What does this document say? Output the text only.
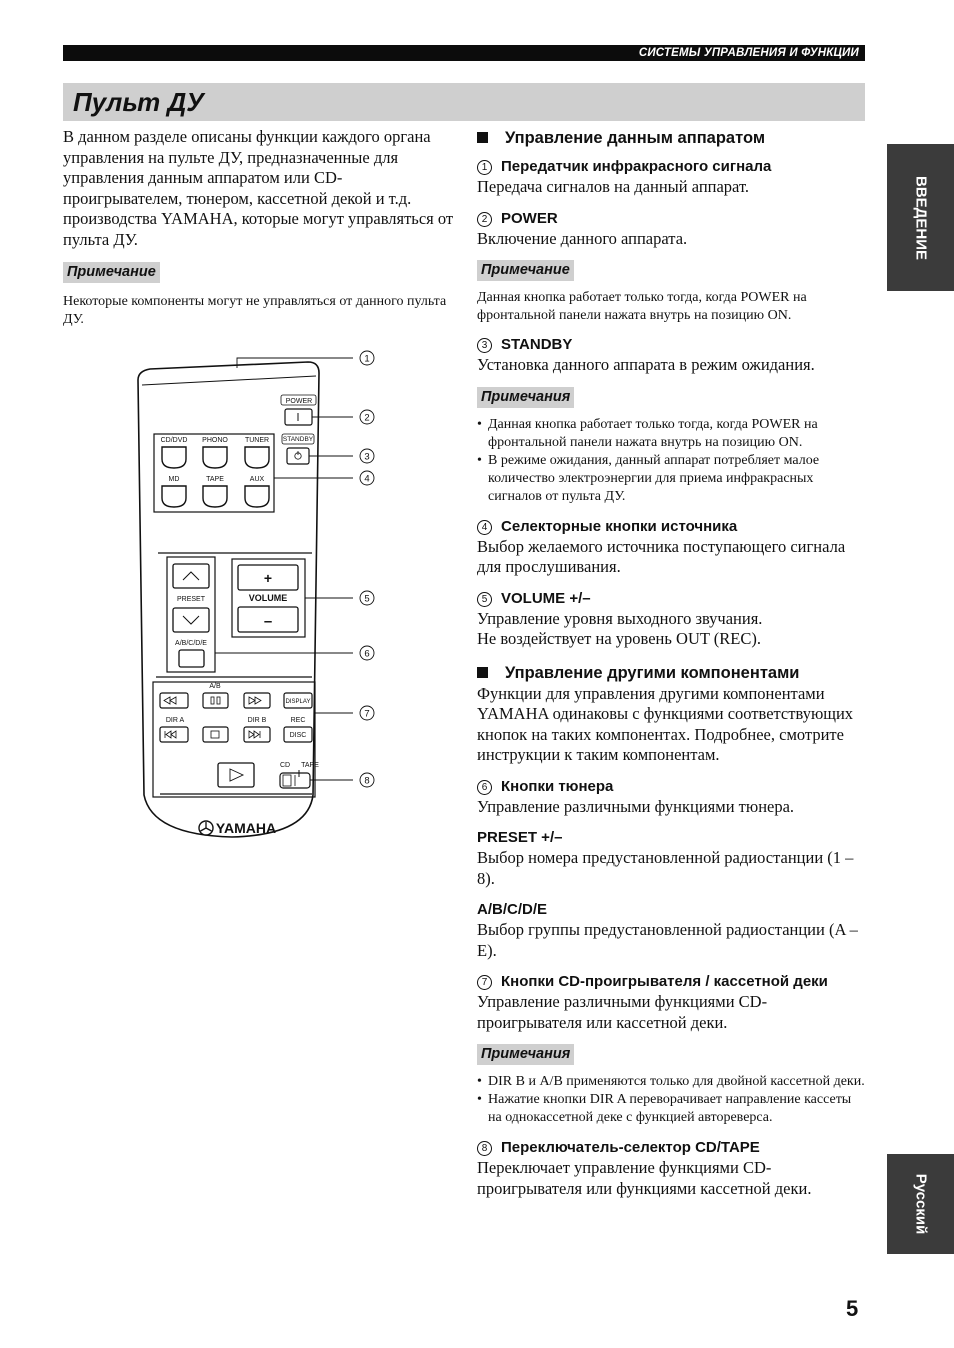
СИСТЕМЫ УПРАВЛЕНИЯ И ФУНКЦИИ
Пульт ДУ
ВВЕДЕНИЕ
Русский

В данном разделе описаны функции каждого органа управления на пульте ДУ, предназначенные для управления данным аппаратом или CD-проигрывателем, тюнером, кассетной декой и т.д. производства YAMAHA, которые могут управляться от пульта ДУ.

Примечание

Некоторые компоненты могут не управляться от данного пульта ДУ.

POWER
STANDBY
CD/DVD PHONO TUNER
MD	TAPE	AUX
PRESET
A/B/C/D/E
+
VOLUME
–
A/B
DISPLAY
DIR A	DIR B	REC
DISC
CD TAPE
YAMAHA
1
2
3
4
5
6
7
8
Управление данным аппаратом
1 Передатчик инфракрасного сигнала

Передача сигналов на данный аппарат.

2 POWER

Включение данного аппарата.

Примечание

Данная кнопка работает только тогда, когда POWER на фронтальной панели нажата внутрь на позицию ON.

3 STANDBY

Установка данного аппарата в режим ожидания.

Примечания
• Данная кнопка работает только тогда, когда POWER на фронтальной панели нажата внутрь на позицию ON.
• В режиме ожидания, данный аппарат потребляет малое количество электроэнергии для приема инфракрасных сигналов от пульта ДУ.
4 Селекторные кнопки источника

Выбор желаемого источника поступающего сигнала для прослушивания.

5 VOLUME +/–

Управление уровня выходного звучания.

Не воздействует на уровень OUT (REC).

Управление другими компонентами

Функции для управления другими компонентами YAMAHA одинаковы с функциями соответствующих кнопок на таких компонентах. Подробнее, смотрите инструкции к таким компонентам.

6 Кнопки тюнера

Управление различными функциями тюнера.

PRESET +/–

Выбор номера предустановленной радиостанции (1 – 8).

A/B/C/D/E

Выбор группы предустановленной радиостанции (A – E).

7 Кнопки CD-проигрывателя / кассетной деки

Управление различными функциями CD-проигрывателя или кассетной деки.

Примечания
• DIR B и A/B применяются только для двойной кассетной деки.
• Нажатие кнопки DIR A переворачивает направление кассеты на однокассетной деке с функцией автореверса.
8 Переключатель-селектор CD/TAPE

Переключает управление функциями CD-проигрывателя или функциями кассетной деки.

5
